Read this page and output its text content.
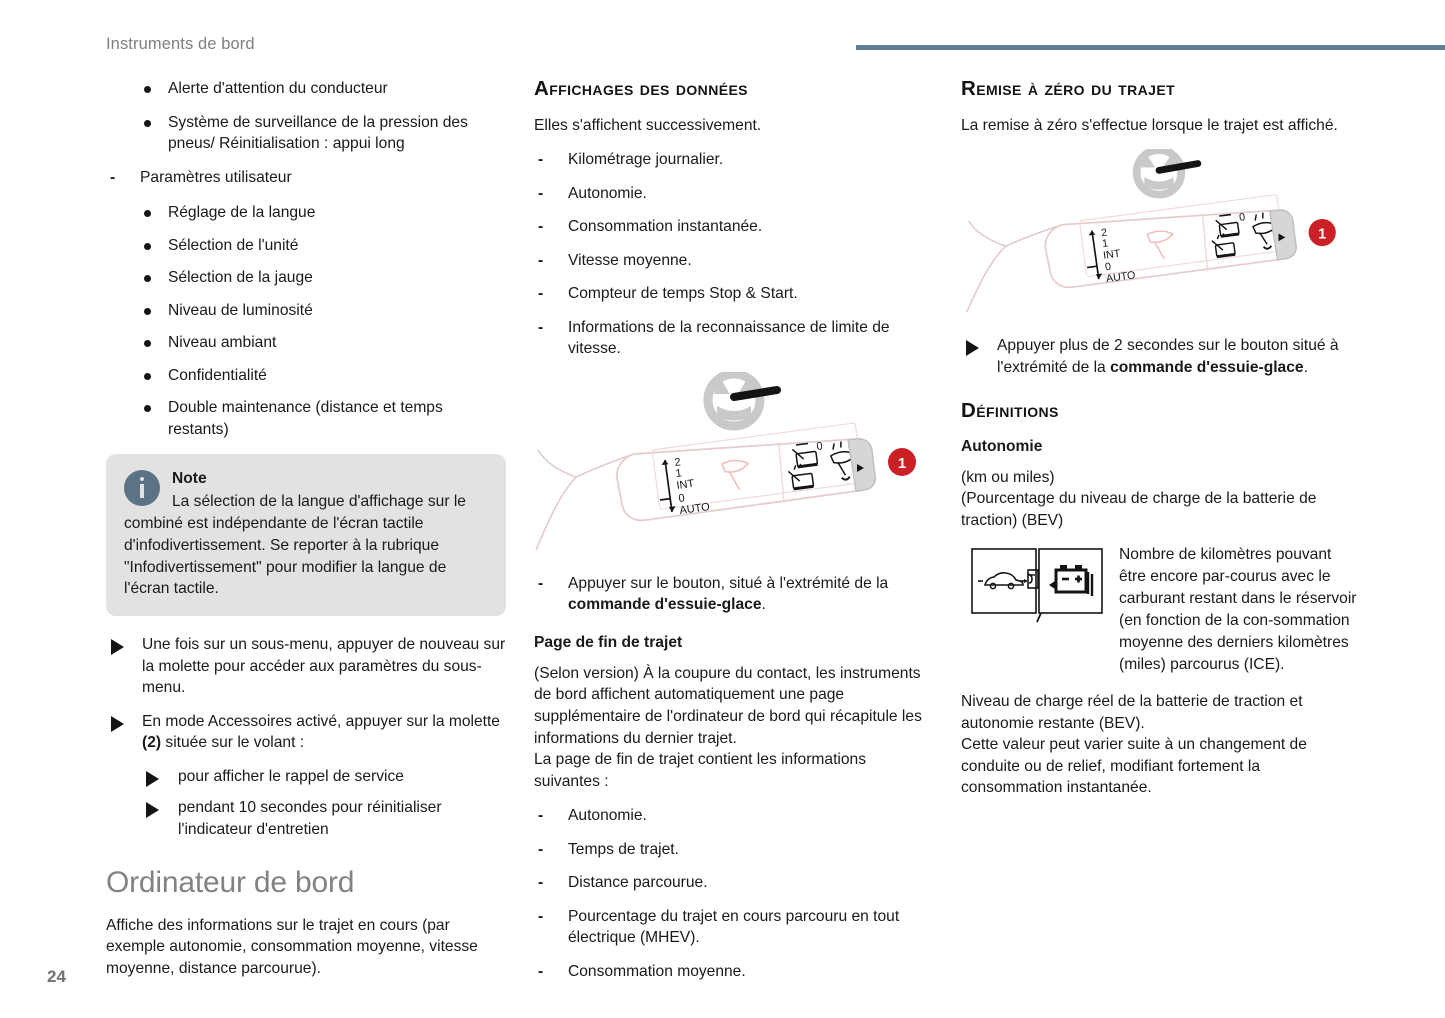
Instruments de bord
24
Alerte d'attention du conducteur
Système de surveillance de la pression des pneus/ Réinitialisation : appui long
- Paramètres utilisateur
Réglage de la langue
Sélection de l'unité
Sélection de la jauge
Niveau de luminosité
Niveau ambiant
Confidentialité
Double maintenance (distance et temps restants)
Note
La sélection de la langue d'affichage sur le combiné est indépendante de l'écran tactile d'infodivertissement. Se reporter à la rubrique "Infodivertissement" pour modifier la langue de l'écran tactile.
Une fois sur un sous-menu, appuyer de nouveau sur la molette pour accéder aux paramètres du sous-menu.
En mode Accessoires activé, appuyer sur la molette (2) située sur le volant :
pour afficher le rappel de service
pendant 10 secondes pour réinitialiser l'indicateur d'entretien
Ordinateur de bord

Affiche des informations sur le trajet en cours (par exemple autonomie, consommation moyenne, vitesse moyenne, distance parcourue).

Affichages des données

Elles s'affichent successivement.

- Kilométrage journalier.
- Autonomie.
- Consommation instantanée.
- Vitesse moyenne.
- Compteur de temps Stop & Start.
- Informations de la reconnaissance de limite de vitesse.
2
1
INT
0
AUTO
0
1
- Appuyer sur le bouton, situé à l'extrémité de la commande d'essuie-glace.
Page de fin de trajet

(Selon version) À la coupure du contact, les instruments de bord affichent automatiquement une page supplémentaire de l'ordinateur de bord qui récapitule les informations du dernier trajet.

La page de fin de trajet contient les informations suivantes :

- Autonomie.
- Temps de trajet.
- Distance parcourue.
- Pourcentage du trajet en cours parcouru en tout électrique (MHEV).
- Consommation moyenne.
Remise à zéro du trajet

La remise à zéro s'effectue lorsque le trajet est affiché.

2
1
INT
0
AUTO
0
1
Appuyer plus de 2 secondes sur le bouton situé à l'extrémité de la commande d'essuie-glace.
Définitions
Autonomie

(km ou miles)

(Pourcentage du niveau de charge de la batterie de traction) (BEV)

Nombre de kilomètres pouvant être encore par-courus avec le carburant restant dans le réservoir (en fonction de la con-sommation moyenne des derniers kilomètres (miles) parcourus (ICE).

Niveau de charge réel de la batterie de traction et autonomie restante (BEV).

Cette valeur peut varier suite à un changement de conduite ou de relief, modifiant fortement la consommation instantanée.
